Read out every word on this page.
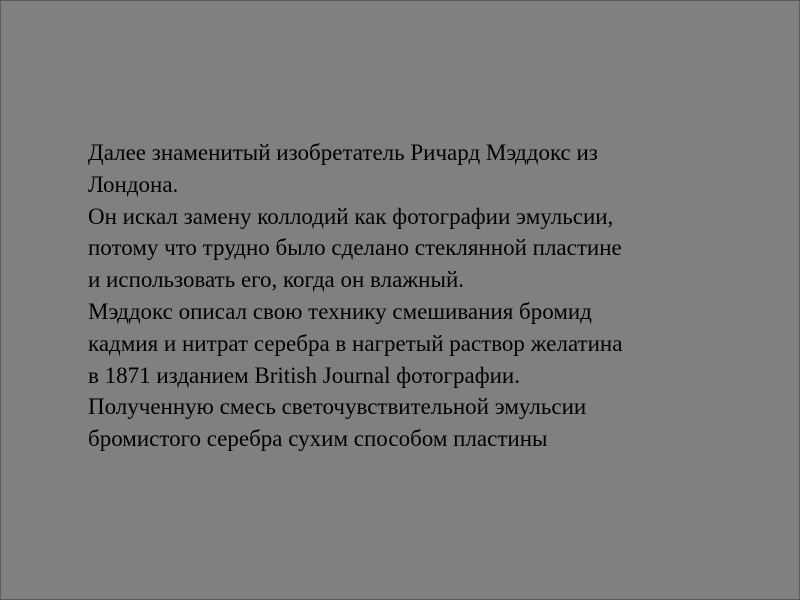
Далее знаменитый изобретатель Ричард Мэддокс из
Лондона.
Он искал замену коллодий как фотографии эмульсии,
потому что трудно было сделано стеклянной пластине
и использовать его, когда он влажный.
Мэддокс описал свою технику смешивания бромид
кадмия и нитрат серебра в нагретый раствор желатина
в 1871 изданием British Journal фотографии.
Полученную смесь светочувствительной эмульсии
бромистого серебра сухим способом пластины
